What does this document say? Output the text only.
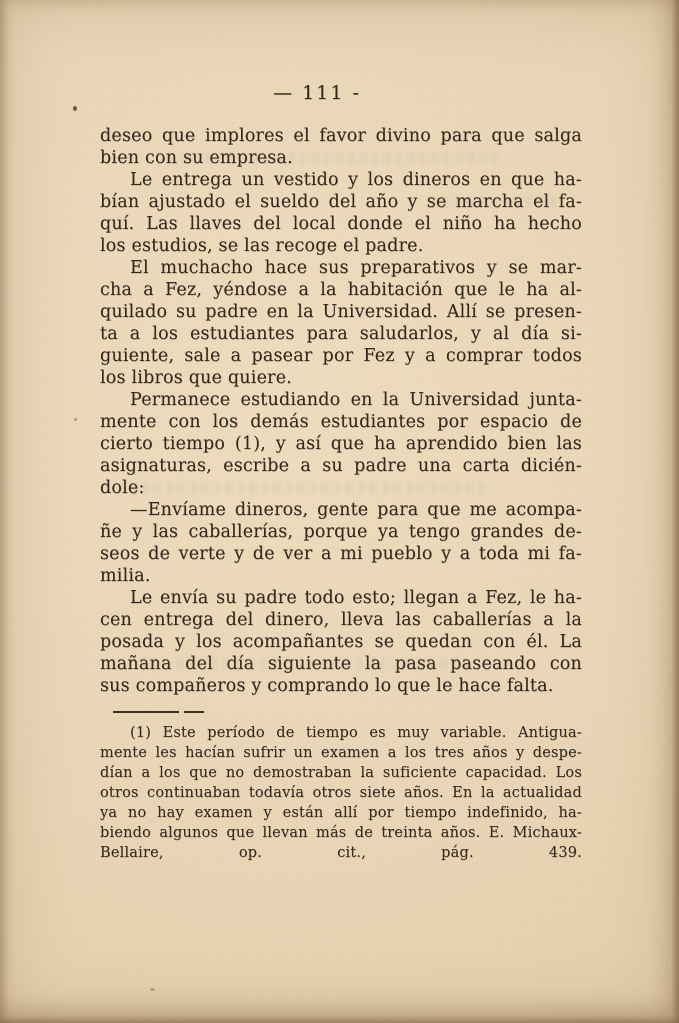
— 111 -
deseo que implores el favor divino para que salga
bien con su empresa.
Le entrega un vestido y los dineros en que ha-
bían ajustado el sueldo del año y se marcha el fa-
quí. Las llaves del local donde el niño ha hecho
los estudios, se las recoge el padre.
El muchacho hace sus preparativos y se mar-
cha a Fez, yéndose a la habitación que le ha al-
quilado su padre en la Universidad. Allí se presen-
ta a los estudiantes para saludarlos, y al día si-
guiente, sale a pasear por Fez y a comprar todos
los libros que quiere.
Permanece estudiando en la Universidad junta-
mente con los demás estudiantes por espacio de
cierto tiempo (1), y así que ha aprendido bien las
asignaturas, escribe a su padre una carta dicién-
dole:
—Envíame dineros, gente para que me acompa-
ñe y las caballerías, porque ya tengo grandes de-
seos de verte y de ver a mi pueblo y a toda mi fa-
milia.
Le envía su padre todo esto; llegan a Fez, le ha-
cen entrega del dinero, lleva las caballerías a la
posada y los acompañantes se quedan con él. La
mañana del día siguiente la pasa paseando con
sus compañeros y comprando lo que le hace falta.
(1) Este período de tiempo es muy variable. Antigua-
mente les hacían sufrir un examen a los tres años y despe-
dían a los que no demostraban la suficiente capacidad. Los
otros continuaban todavía otros siete años. En la actualidad
ya no hay examen y están allí por tiempo indefinido, ha-
biendo algunos que llevan más de treinta años. E. Michaux-
Bellaire, op. cit., pág. 439.
